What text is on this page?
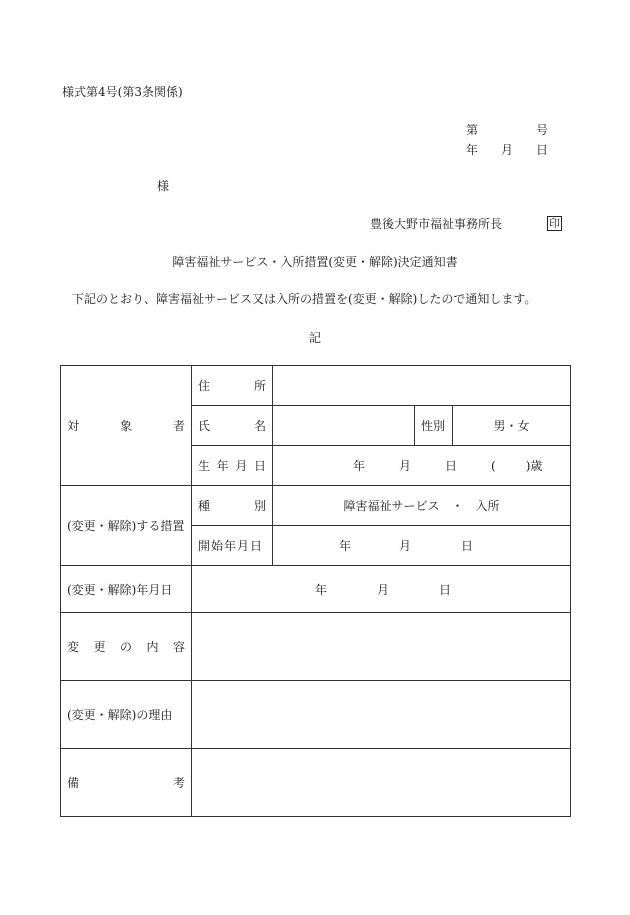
様式第4号(第3条関係)
第	号
年 月 日
様
豊後大野市福祉事務所長	印
障害福祉サービス・入所措置(変更・解除)決定通知書
下記のとおり、障害福祉サービス又は入所の措置を(変更・解除)したので通知します。
記
対 象 者	住 所			

	氏 名		性別	男・女

	生 年 月 日	年 月 日 ( )歳		

(変更・解除)する措置	種 別	障害福祉サービス　・　入所		
	開始年月日	年 月 日		

(変更・解除)年月日	年 月 日			

変 更 の 内 容				

(変更・解除)の理由				

備 考				
